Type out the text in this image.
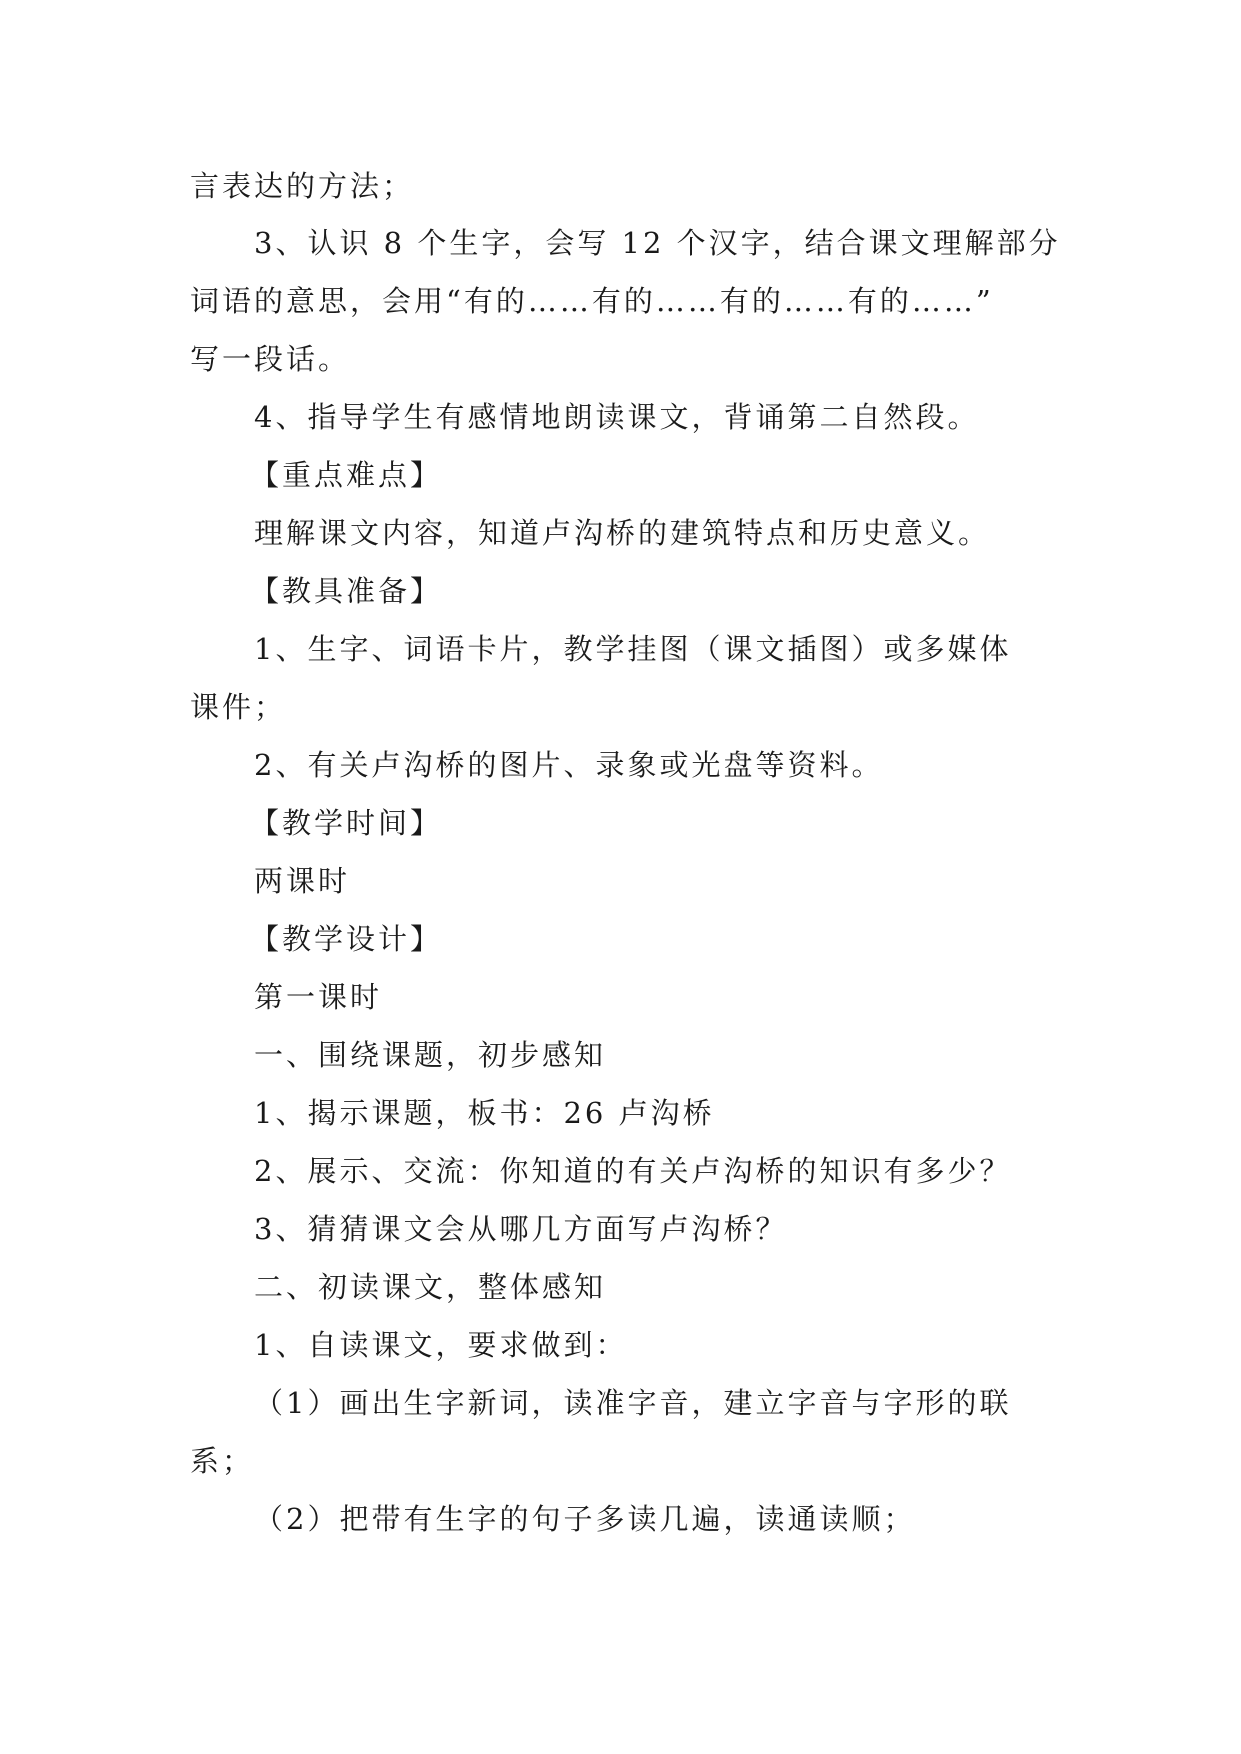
言表达的方法；
3、认识 8 个生字，会写 12 个汉字，结合课文理解部分
词语的意思，会用“有的……有的……有的……有的……”
写一段话。
4、指导学生有感情地朗读课文，背诵第二自然段。
【重点难点】
理解课文内容，知道卢沟桥的建筑特点和历史意义。
【教具准备】
1、生字、词语卡片，教学挂图（课文插图）或多媒体
课件；
2、有关卢沟桥的图片、录象或光盘等资料。
【教学时间】
两课时
【教学设计】
第一课时
一、围绕课题，初步感知
1、揭示课题，板书：26 卢沟桥
2、展示、交流：你知道的有关卢沟桥的知识有多少？
3、猜猜课文会从哪几方面写卢沟桥？
二、初读课文，整体感知
1、自读课文，要求做到：
（1）画出生字新词，读准字音，建立字音与字形的联
系；
（2）把带有生字的句子多读几遍，读通读顺；
